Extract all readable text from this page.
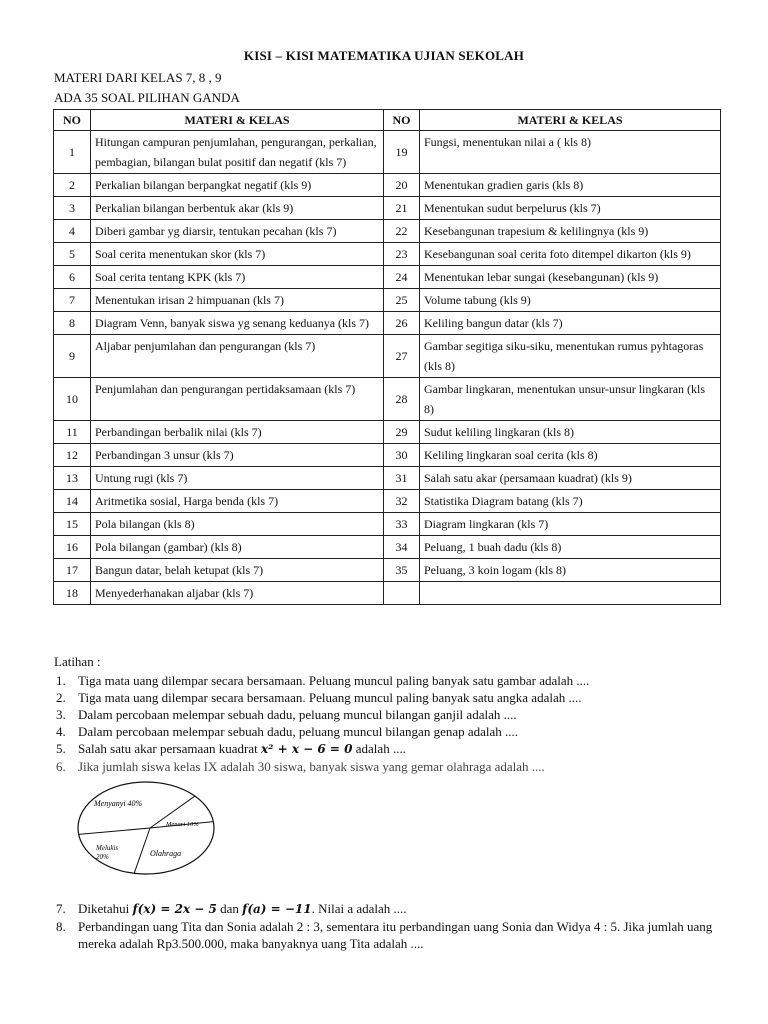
KISI – KISI MATEMATIKA UJIAN SEKOLAH
MATERI DARI KELAS 7, 8 , 9
ADA 35 SOAL PILIHAN GANDA
NO	MATERI & KELAS	NO	MATERI & KELAS
1	Hitungan campuran penjumlahan, pengurangan, perkalian, pembagian, bilangan bulat positif dan negatif (kls 7)	19	Fungsi, menentukan nilai a ( kls 8)
2	Perkalian bilangan berpangkat negatif (kls 9)	20	Menentukan gradien garis (kls 8)
3	Perkalian bilangan berbentuk akar (kls 9)	21	Menentukan sudut berpelurus (kls 7)
4	Diberi gambar yg diarsir, tentukan pecahan (kls 7)	22	Kesebangunan trapesium & kelilingnya (kls 9)
5	Soal cerita menentukan skor (kls 7)	23	Kesebangunan soal cerita foto ditempel dikarton (kls 9)
6	Soal cerita tentang KPK (kls 7)	24	Menentukan lebar sungai (kesebangunan) (kls 9)
7	Menentukan irisan 2 himpuanan (kls 7)	25	Volume tabung (kls 9)
8	Diagram Venn, banyak siswa yg senang keduanya (kls 7)	26	Keliling bangun datar (kls 7)
9	Aljabar penjumlahan dan pengurangan (kls 7)	27	Gambar segitiga siku-siku, menentukan rumus pyhtagoras (kls 8)
10	Penjumlahan dan pengurangan pertidaksamaan (kls 7)	28	Gambar lingkaran, menentukan unsur-unsur lingkaran (kls 8)
11	Perbandingan berbalik nilai (kls 7)	29	Sudut keliling lingkaran (kls 8)
12	Perbandingan 3 unsur (kls 7)	30	Keliling lingkaran soal cerita (kls 8)
13	Untung rugi (kls 7)	31	Salah satu akar (persamaan kuadrat) (kls 9)
14	Aritmetika sosial, Harga benda (kls 7)	32	Statistika Diagram batang (kls 7)
15	Pola bilangan (kls 8)	33	Diagram lingkaran (kls 7)
16	Pola bilangan (gambar) (kls 8)	34	Peluang, 1 buah dadu (kls 8)
17	Bangun datar, belah ketupat (kls 7)	35	Peluang, 3 koin logam (kls 8)
18	Menyederhanakan aljabar (kls 7)		
Latihan :
1. Tiga mata uang dilempar secara bersamaan. Peluang muncul paling banyak satu gambar adalah ....
2. Tiga mata uang dilempar secara bersamaan. Peluang muncul paling banyak satu angka adalah ....
3. Dalam percobaan melempar sebuah dadu, peluang muncul bilangan ganjil adalah ....
4. Dalam percobaan melempar sebuah dadu, peluang muncul bilangan genap adalah ....
5. Salah satu akar persamaan kuadrat x² + x − 6 = 0 adalah ....
6. Jika jumlah siswa kelas IX adalah 30 siswa, banyak siswa yang gemar olahraga adalah ....
Menyanyi 40%
Menari 10%
Olahraga
Melukis
20%
7. Diketahui f(x) = 2x − 5 dan f(a) = −11. Nilai a adalah ....
8. Perbandingan uang Tita dan Sonia adalah 2 : 3, sementara itu perbandingan uang Sonia dan Widya 4 : 5. Jika jumlah uang mereka adalah Rp3.500.000, maka banyaknya uang Tita adalah ....
